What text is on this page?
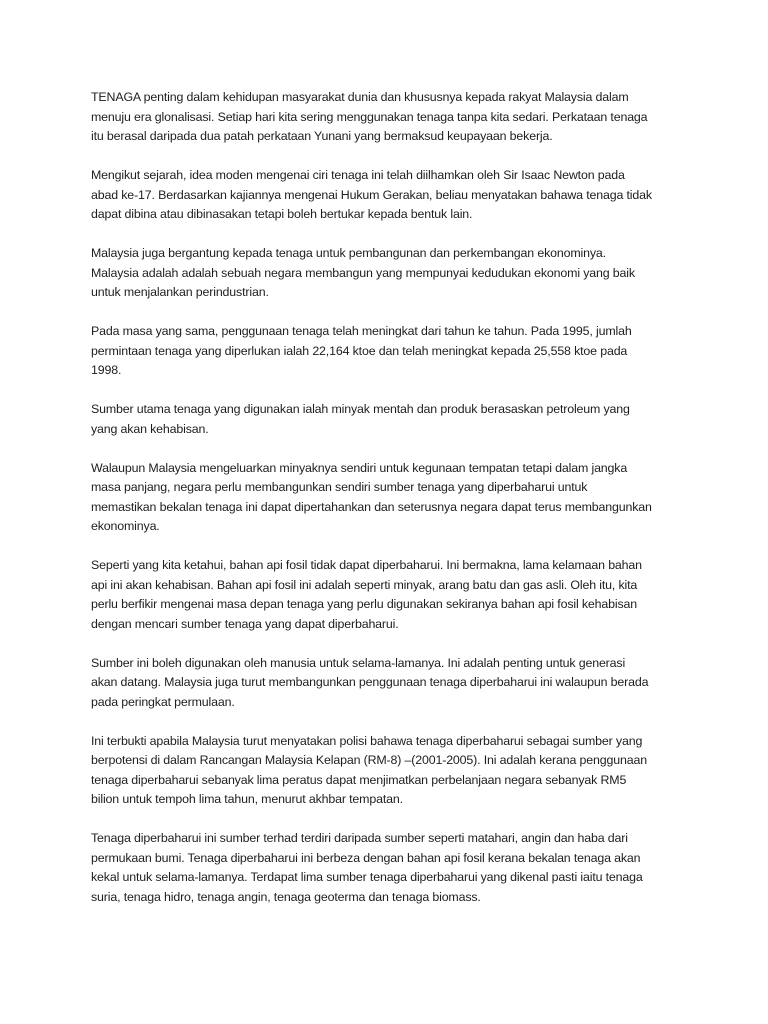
TENAGA penting dalam kehidupan masyarakat dunia dan khususnya kepada rakyat Malaysia dalam
menuju era glonalisasi. Setiap hari kita sering menggunakan tenaga tanpa kita sedari. Perkataan tenaga
itu berasal daripada dua patah perkataan Yunani yang bermaksud keupayaan bekerja.

Mengikut sejarah, idea moden mengenai ciri tenaga ini telah diilhamkan oleh Sir Isaac Newton pada
abad ke-17. Berdasarkan kajiannya mengenai Hukum Gerakan, beliau menyatakan bahawa tenaga tidak
dapat dibina atau dibinasakan tetapi boleh bertukar kepada bentuk lain.

Malaysia juga bergantung kepada tenaga untuk pembangunan dan perkembangan ekonominya.
Malaysia adalah adalah sebuah negara membangun yang mempunyai kedudukan ekonomi yang baik
untuk menjalankan perindustrian.

Pada masa yang sama, penggunaan tenaga telah meningkat dari tahun ke tahun. Pada 1995, jumlah
permintaan tenaga yang diperlukan ialah 22,164 ktoe dan telah meningkat kepada 25,558 ktoe pada
1998.

Sumber utama tenaga yang digunakan ialah minyak mentah dan produk berasaskan petroleum yang
yang akan kehabisan.

Walaupun Malaysia mengeluarkan minyaknya sendiri untuk kegunaan tempatan tetapi dalam jangka
masa panjang, negara perlu membangunkan sendiri sumber tenaga yang diperbaharui untuk
memastikan bekalan tenaga ini dapat dipertahankan dan seterusnya negara dapat terus membangunkan
ekonominya.

Seperti yang kita ketahui, bahan api fosil tidak dapat diperbaharui. Ini bermakna, lama kelamaan bahan
api ini akan kehabisan. Bahan api fosil ini adalah seperti minyak, arang batu dan gas asli. Oleh itu, kita
perlu berfikir mengenai masa depan tenaga yang perlu digunakan sekiranya bahan api fosil kehabisan
dengan mencari sumber tenaga yang dapat diperbaharui.

Sumber ini boleh digunakan oleh manusia untuk selama-lamanya. Ini adalah penting untuk generasi
akan datang. Malaysia juga turut membangunkan penggunaan tenaga diperbaharui ini walaupun berada
pada peringkat permulaan.

Ini terbukti apabila Malaysia turut menyatakan polisi bahawa tenaga diperbaharui sebagai sumber yang
berpotensi di dalam Rancangan Malaysia Kelapan (RM-8) –(2001-2005). Ini adalah kerana penggunaan
tenaga diperbaharui sebanyak lima peratus dapat menjimatkan perbelanjaan negara sebanyak RM5
bilion untuk tempoh lima tahun, menurut akhbar tempatan.

Tenaga diperbaharui ini sumber terhad terdiri daripada sumber seperti matahari, angin dan haba dari
permukaan bumi. Tenaga diperbaharui ini berbeza dengan bahan api fosil kerana bekalan tenaga akan
kekal untuk selama-lamanya. Terdapat lima sumber tenaga diperbaharui yang dikenal pasti iaitu tenaga
suria, tenaga hidro, tenaga angin, tenaga geoterma dan tenaga biomass.
